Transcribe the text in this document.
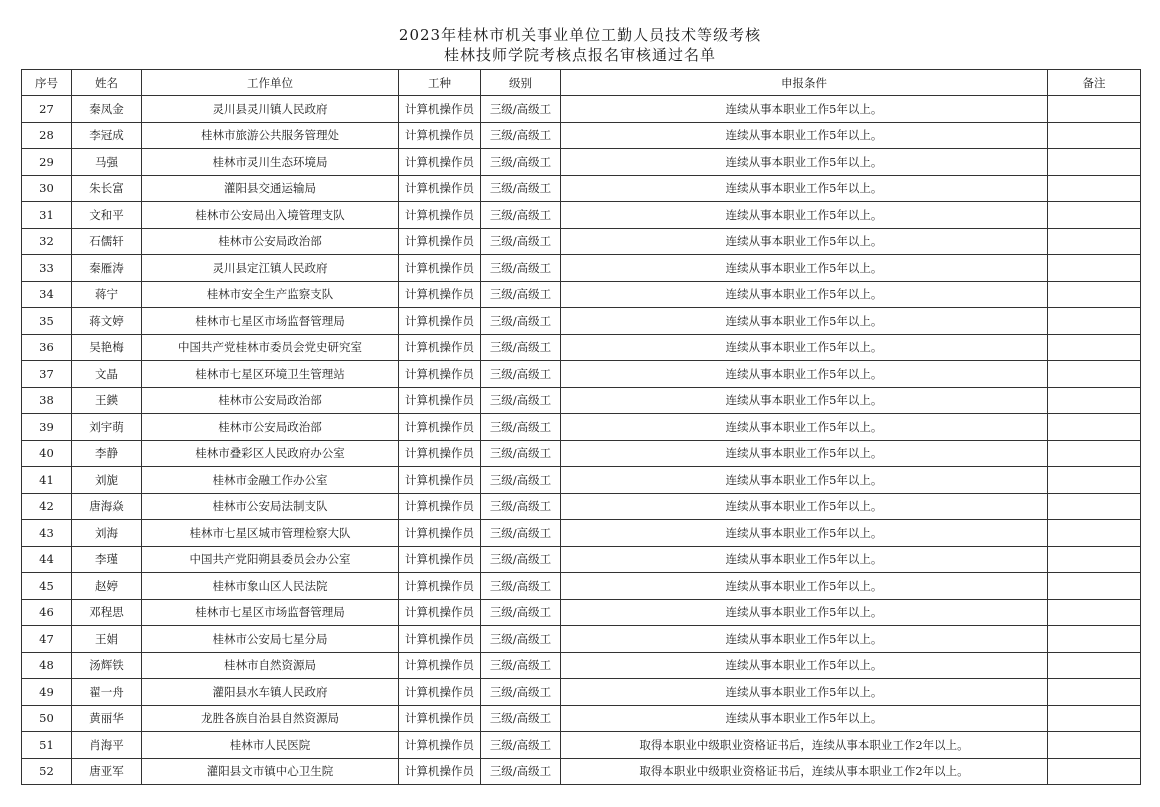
2023年桂林市机关事业单位工勤人员技术等级考核
桂林技师学院考核点报名审核通过名单
序号	姓名	工作单位	工种	级别	申报条件	备注
27	秦凤金	灵川县灵川镇人民政府	计算机操作员	三级/高级工	连续从事本职业工作5年以上。	
28	李冠成	桂林市旅游公共服务管理处	计算机操作员	三级/高级工	连续从事本职业工作5年以上。	
29	马强	桂林市灵川生态环境局	计算机操作员	三级/高级工	连续从事本职业工作5年以上。	
30	朱长富	灌阳县交通运输局	计算机操作员	三级/高级工	连续从事本职业工作5年以上。	
31	文和平	桂林市公安局出入境管理支队	计算机操作员	三级/高级工	连续从事本职业工作5年以上。	
32	石儒轩	桂林市公安局政治部	计算机操作员	三级/高级工	连续从事本职业工作5年以上。	
33	秦雁涛	灵川县定江镇人民政府	计算机操作员	三级/高级工	连续从事本职业工作5年以上。	
34	蒋宁	桂林市安全生产监察支队	计算机操作员	三级/高级工	连续从事本职业工作5年以上。	
35	蒋文婷	桂林市七星区市场监督管理局	计算机操作员	三级/高级工	连续从事本职业工作5年以上。	
36	吴艳梅	中国共产党桂林市委员会党史研究室	计算机操作员	三级/高级工	连续从事本职业工作5年以上。	
37	文晶	桂林市七星区环境卫生管理站	计算机操作员	三级/高级工	连续从事本职业工作5年以上。	
38	王鍈	桂林市公安局政治部	计算机操作员	三级/高级工	连续从事本职业工作5年以上。	
39	刘宇萌	桂林市公安局政治部	计算机操作员	三级/高级工	连续从事本职业工作5年以上。	
40	李静	桂林市叠彩区人民政府办公室	计算机操作员	三级/高级工	连续从事本职业工作5年以上。	
41	刘旎	桂林市金融工作办公室	计算机操作员	三级/高级工	连续从事本职业工作5年以上。	
42	唐海焱	桂林市公安局法制支队	计算机操作员	三级/高级工	连续从事本职业工作5年以上。	
43	刘海	桂林市七星区城市管理检察大队	计算机操作员	三级/高级工	连续从事本职业工作5年以上。	
44	李瑾	中国共产党阳朔县委员会办公室	计算机操作员	三级/高级工	连续从事本职业工作5年以上。	
45	赵婷	桂林市象山区人民法院	计算机操作员	三级/高级工	连续从事本职业工作5年以上。	
46	邓程思	桂林市七星区市场监督管理局	计算机操作员	三级/高级工	连续从事本职业工作5年以上。	
47	王娟	桂林市公安局七星分局	计算机操作员	三级/高级工	连续从事本职业工作5年以上。	
48	汤辉铁	桂林市自然资源局	计算机操作员	三级/高级工	连续从事本职业工作5年以上。	
49	翟一舟	灌阳县水车镇人民政府	计算机操作员	三级/高级工	连续从事本职业工作5年以上。	
50	黄丽华	龙胜各族自治县自然资源局	计算机操作员	三级/高级工	连续从事本职业工作5年以上。	
51	肖海平	桂林市人民医院	计算机操作员	三级/高级工	取得本职业中级职业资格证书后，连续从事本职业工作2年以上。	
52	唐亚军	灌阳县文市镇中心卫生院	计算机操作员	三级/高级工	取得本职业中级职业资格证书后，连续从事本职业工作2年以上。	
